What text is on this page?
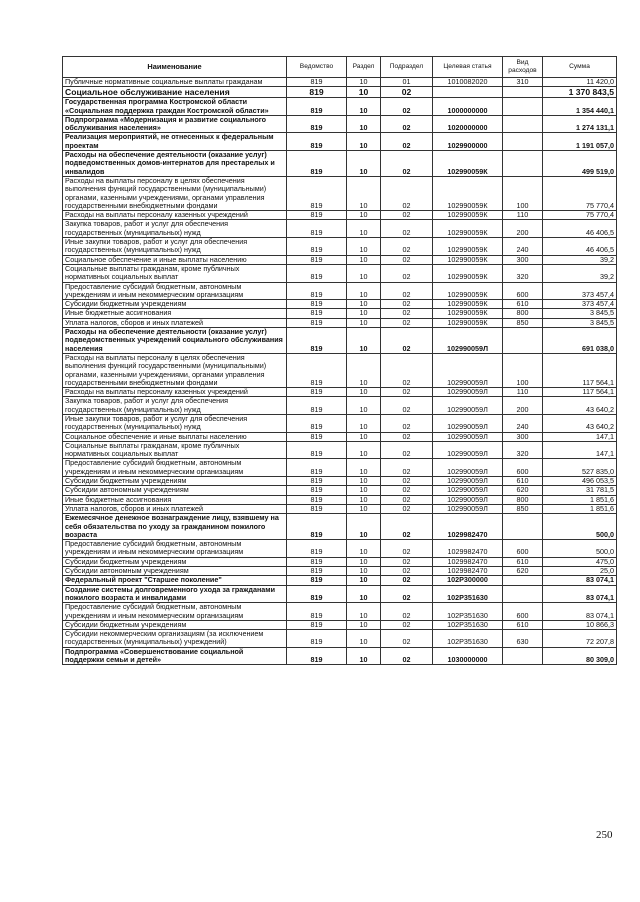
Наименование	Ведомство	Раздел	Подраздел	Целевая статья	Вид расходов	Сумма
Публичные нормативные социальные выплаты гражданам	819	10	01	1010082020	310	11 420,0
Социальное обслуживание населения	819	10	02			1 370 843,5
Государственная программа Костромской области «Социальная поддержка граждан Костромской области»	819	10	02	1000000000		1 354 440,1
Подпрограмма «Модернизация и развитие социального обслуживания населения»	819	10	02	1020000000		1 274 131,1
Реализация мероприятий, не отнесенных к федеральным проектам	819	10	02	1029900000		1 191 057,0
Расходы на обеспечение деятельности (оказание услуг) подведомственных домов-интернатов для престарелых и инвалидов	819	10	02	102990059К		499 519,0
Расходы на выплаты персоналу в целях обеспечения выполнения функций государственными (муниципальными) органами, казенными учреждениями, органами управления государственными внебюджетными фондами	819	10	02	102990059К	100	75 770,4
Расходы на выплаты персоналу казенных учреждений	819	10	02	102990059К	110	75 770,4
Закупка товаров, работ и услуг для обеспечения государственных (муниципальных) нужд	819	10	02	102990059К	200	46 406,5
Иные закупки товаров, работ и услуг для обеспечения государственных (муниципальных) нужд	819	10	02	102990059К	240	46 406,5
Социальное обеспечение и иные выплаты населению	819	10	02	102990059К	300	39,2
Социальные выплаты гражданам, кроме публичных нормативных социальных выплат	819	10	02	102990059К	320	39,2
Предоставление субсидий бюджетным, автономным учреждениям и иным некоммерческим организациям	819	10	02	102990059К	600	373 457,4
Субсидии бюджетным учреждениям	819	10	02	102990059К	610	373 457,4
Иные бюджетные ассигнования	819	10	02	102990059К	800	3 845,5
Уплата налогов, сборов и иных платежей	819	10	02	102990059К	850	3 845,5
Расходы на обеспечение деятельности (оказание услуг) подведомственных учреждений социального обслуживания населения	819	10	02	102990059Л		691 038,0
Расходы на выплаты персоналу в целях обеспечения выполнения функций государственными (муниципальными) органами, казенными учреждениями, органами управления государственными внебюджетными фондами	819	10	02	102990059Л	100	117 564,1
Расходы на выплаты персоналу казенных учреждений	819	10	02	102990059Л	110	117 564,1
Закупка товаров, работ и услуг для обеспечения государственных (муниципальных) нужд	819	10	02	102990059Л	200	43 640,2
Иные закупки товаров, работ и услуг для обеспечения государственных (муниципальных) нужд	819	10	02	102990059Л	240	43 640,2
Социальное обеспечение и иные выплаты населению	819	10	02	102990059Л	300	147,1
Социальные выплаты гражданам, кроме публичных нормативных социальных выплат	819	10	02	102990059Л	320	147,1
Предоставление субсидий бюджетным, автономным учреждениям и иным некоммерческим организациям	819	10	02	102990059Л	600	527 835,0
Субсидии бюджетным учреждениям	819	10	02	102990059Л	610	496 053,5
Субсидии автономным учреждениям	819	10	02	102990059Л	620	31 781,5
Иные бюджетные ассигнования	819	10	02	102990059Л	800	1 851,6
Уплата налогов, сборов и иных платежей	819	10	02	102990059Л	850	1 851,6
Ежемесячное денежное вознаграждение лицу, взявшему на себя обязательства по уходу за гражданином пожилого возраста	819	10	02	1029982470		500,0
Предоставление субсидий бюджетным, автономным учреждениям и иным некоммерческим организациям	819	10	02	1029982470	600	500,0
Субсидии бюджетным учреждениям	819	10	02	1029982470	610	475,0
Субсидии автономным учреждениям	819	10	02	1029982470	620	25,0
Федеральный проект "Старшее поколение"	819	10	02	102P300000		83 074,1
Создание системы долговременного ухода за гражданами пожилого возраста и инвалидами	819	10	02	102P351630		83 074,1
Предоставление субсидий бюджетным, автономным учреждениям и иным некоммерческим организациям	819	10	02	102P351630	600	83 074,1
Субсидии бюджетным учреждениям	819	10	02	102P351630	610	10 866,3
Субсидии некоммерческим организациям (за исключением государственных (муниципальных) учреждений)	819	10	02	102P351630	630	72 207,8
Подпрограмма «Совершенствование социальной поддержки семьи и детей»	819	10	02	1030000000		80 309,0
250
